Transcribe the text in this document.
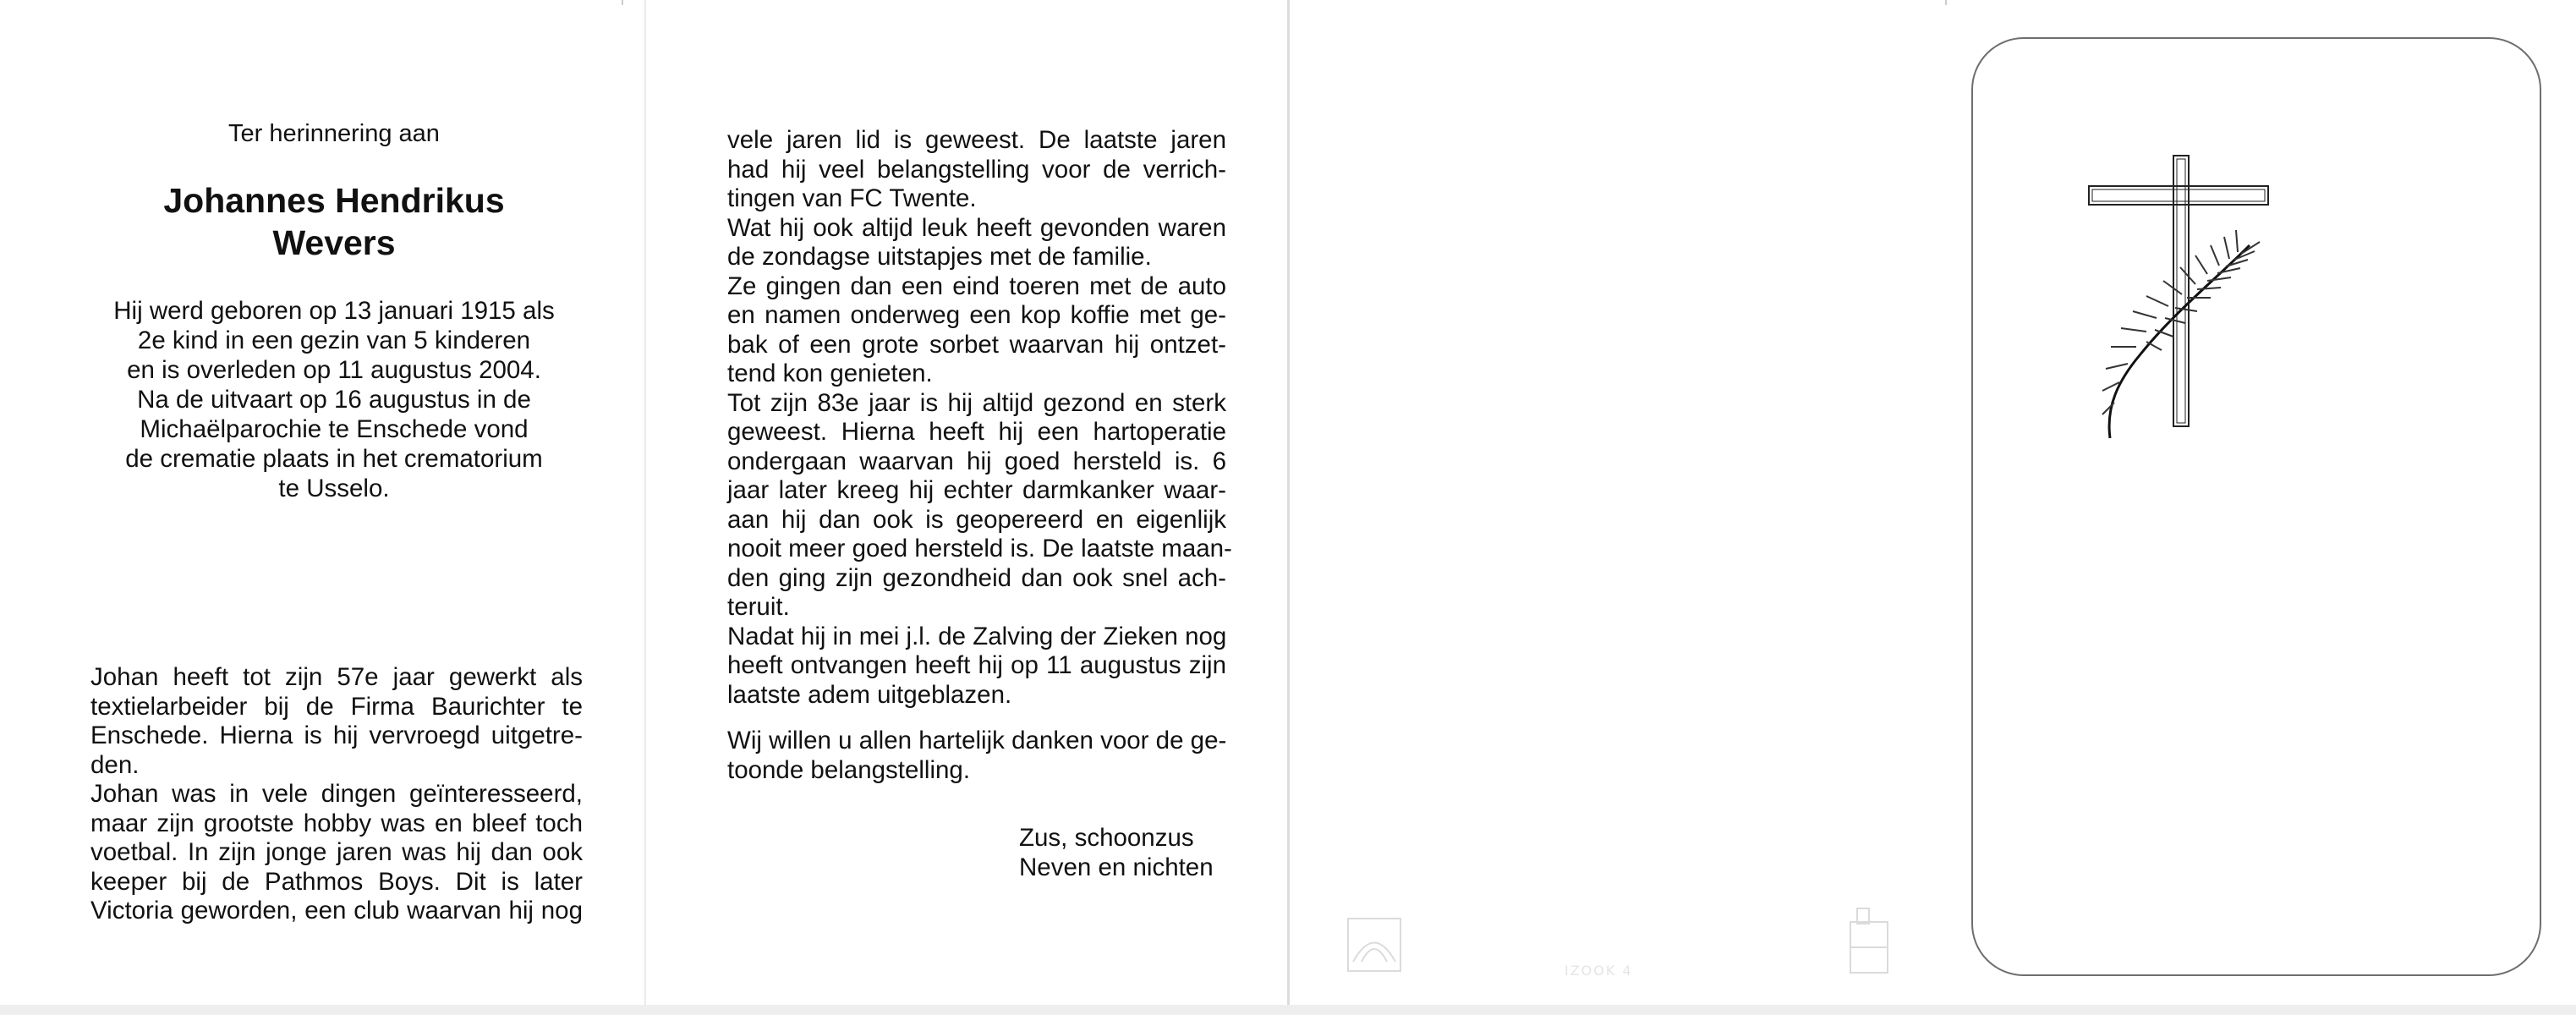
Ter herinnering aan
Johannes Hendrikus
Wevers
Hij werd geboren op 13 januari 1915 als
2e kind in een gezin van 5 kinderen
en is overleden op 11 augustus 2004.
Na de uitvaart op 16 augustus in de
Michaëlparochie te Enschede vond
de crematie plaats in het crematorium
te Usselo.
Johan heeft tot zijn 57e jaar gewerkt als
textielarbeider bij de Firma Baurichter te
Enschede. Hierna is hij vervroegd uitgetre-
den.
Johan was in vele dingen geïnteresseerd,
maar zijn grootste hobby was en bleef toch
voetbal. In zijn jonge jaren was hij dan ook
keeper bij de Pathmos Boys. Dit is later
Victoria geworden, een club waarvan hij nog
vele jaren lid is geweest. De laatste jaren
had hij veel belangstelling voor de verrich-
tingen van FC Twente.
Wat hij ook altijd leuk heeft gevonden waren
de zondagse uitstapjes met de familie.
Ze gingen dan een eind toeren met de auto
en namen onderweg een kop koffie met ge-
bak of een grote sorbet waarvan hij ontzet-
tend kon genieten.
Tot zijn 83e jaar is hij altijd gezond en sterk
geweest. Hierna heeft hij een hartoperatie
ondergaan waarvan hij goed hersteld is. 6
jaar later kreeg hij echter darmkanker waar-
aan hij dan ook is geopereerd en eigenlijk
nooit meer goed hersteld is. De laatste maan-
den ging zijn gezondheid dan ook snel ach-
teruit.
Nadat hij in mei j.l. de Zalving der Zieken nog
heeft ontvangen heeft hij op 11 augustus zijn
laatste adem uitgeblazen.
Wij willen u allen hartelijk danken voor de ge-
toonde belangstelling.
Zus, schoonzus
Neven en nichten
IZOOK 4
